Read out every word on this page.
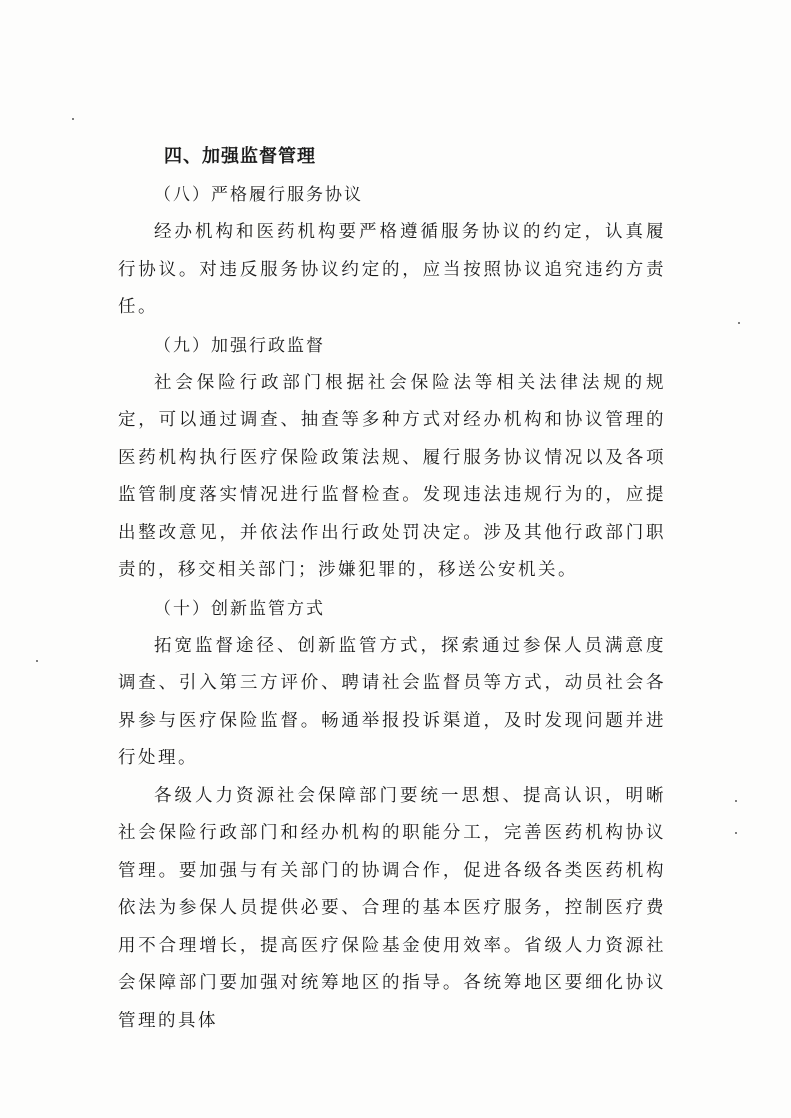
四、加强监督管理
（八）严格履行服务协议

经办机构和医药机构要严格遵循服务协议的约定，认真履行协议。对违反服务协议约定的，应当按照协议追究违约方责任。

（九）加强行政监督

社会保险行政部门根据社会保险法等相关法律法规的规定，可以通过调查、抽查等多种方式对经办机构和协议管理的医药机构执行医疗保险政策法规、履行服务协议情况以及各项监管制度落实情况进行监督检查。发现违法违规行为的，应提出整改意见，并依法作出行政处罚决定。涉及其他行政部门职责的，移交相关部门；涉嫌犯罪的，移送公安机关。

（十）创新监管方式

拓宽监督途径、创新监管方式，探索通过参保人员满意度调查、引入第三方评价、聘请社会监督员等方式，动员社会各界参与医疗保险监督。畅通举报投诉渠道，及时发现问题并进行处理。

各级人力资源社会保障部门要统一思想、提高认识，明晰社会保险行政部门和经办机构的职能分工，完善医药机构协议管理。要加强与有关部门的协调合作，促进各级各类医药机构依法为参保人员提供必要、合理的基本医疗服务，控制医疗费用不合理增长，提高医疗保险基金使用效率。省级人力资源社会保障部门要加强对统筹地区的指导。各统筹地区要细化协议管理的具体
